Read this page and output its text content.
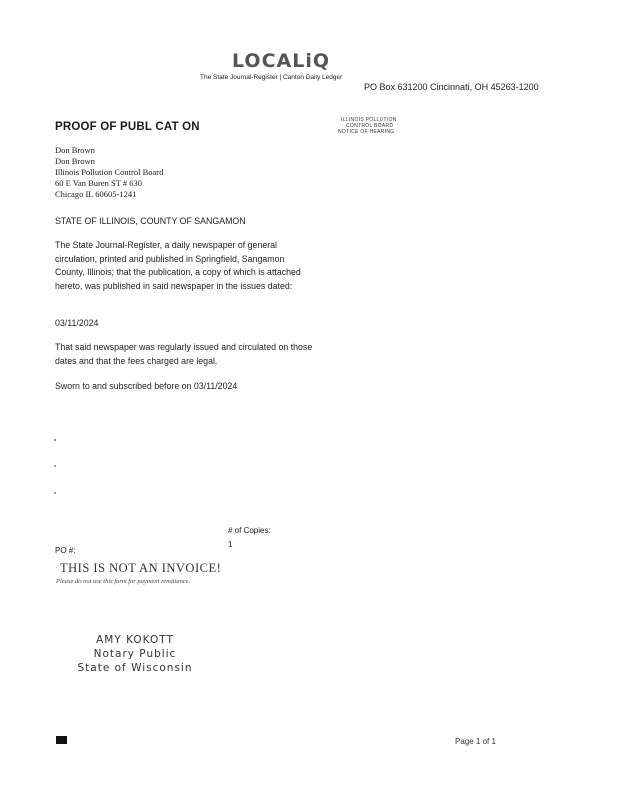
LOCALiQ
The State Journal-Register | Canton Daily Ledger
PO Box 631200 Cincinnati, OH 45263-1200
ILLINOIS POLLUTION
CONTROL BOARD
NOTICE OF HEARING
PROOF OF PUBL CAT ON
Don Brown
Don Brown
Illinois Pollution Control Board
60 E Van Buren ST # 630
Chicago IL 60605-1241
STATE OF ILLINOIS, COUNTY OF SANGAMON
The State Journal-Register, a daily newspaper of general circulation, printed and published in Springfield, Sangamon County, Illinois; that the publication, a copy of which is attached hereto, was published in said newspaper in the issues dated:
03/11/2024
That said newspaper was regularly issued and circulated on those dates and that the fees charged are legal.
Sworn to and subscribed before on 03/11/2024
# of Copies:
1
PO #:
THIS IS NOT AN INVOICE!
Please do not use this form for payment remittance.
AMY KOKOTT
Notary Public
State of Wisconsin
Page 1 of 1
